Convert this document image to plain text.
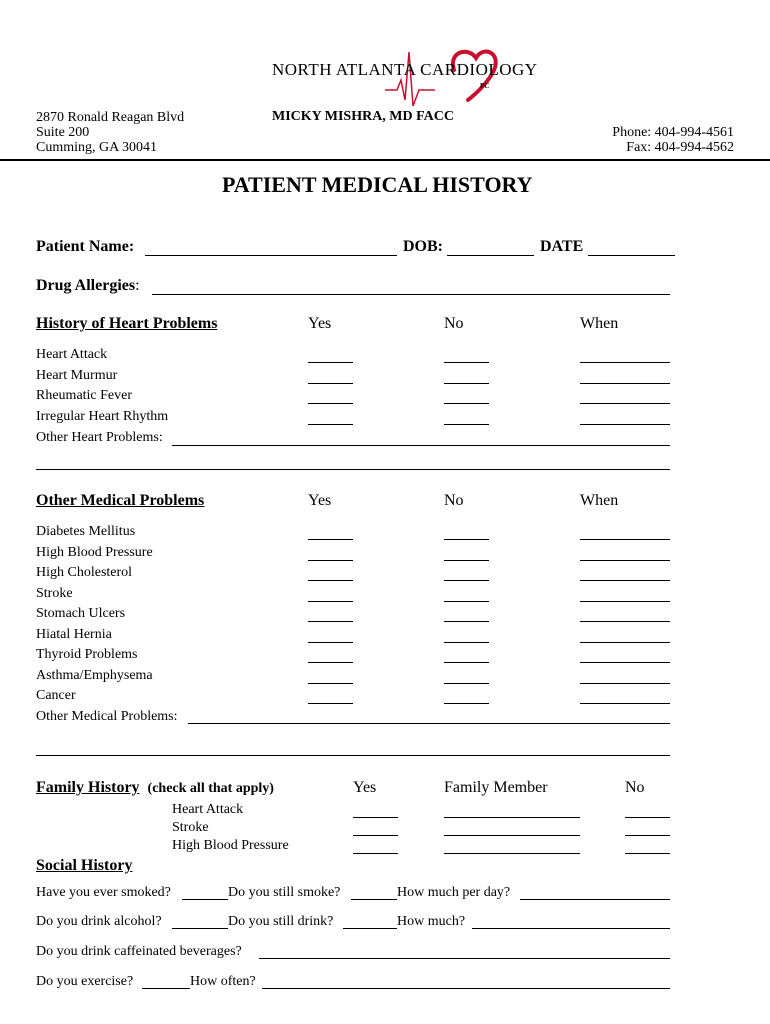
NORTH ATLANTA CARDIOLOGY
PC
2870 Ronald Reagan Blvd
Suite 200
Cumming, GA 30041
MICKY MISHRA, MD FACC
Phone: 404-994-4561
Fax: 404-994-4562
PATIENT MEDICAL HISTORY
Patient Name:	DOB:	DATE
Drug Allergies:
History of Heart Problems	Yes	No	When
Heart Attack
Heart Murmur
Rheumatic Fever
Irregular Heart Rhythm
Other Heart Problems:
Other Medical Problems	Yes	No	When
Diabetes Mellitus
High Blood Pressure
High Cholesterol
Stroke
Stomach Ulcers
Hiatal Hernia
Thyroid Problems
Asthma/Emphysema
Cancer
Other Medical Problems:
Family History (check all that apply)	Yes	Family Member	No
Heart Attack
Stroke
High Blood Pressure
Social History
Have you ever smoked?	Do you still smoke?	How much per day?
Do you drink alcohol?	Do you still drink?	How much?
Do you drink caffeinated beverages?
Do you exercise?	How often?
